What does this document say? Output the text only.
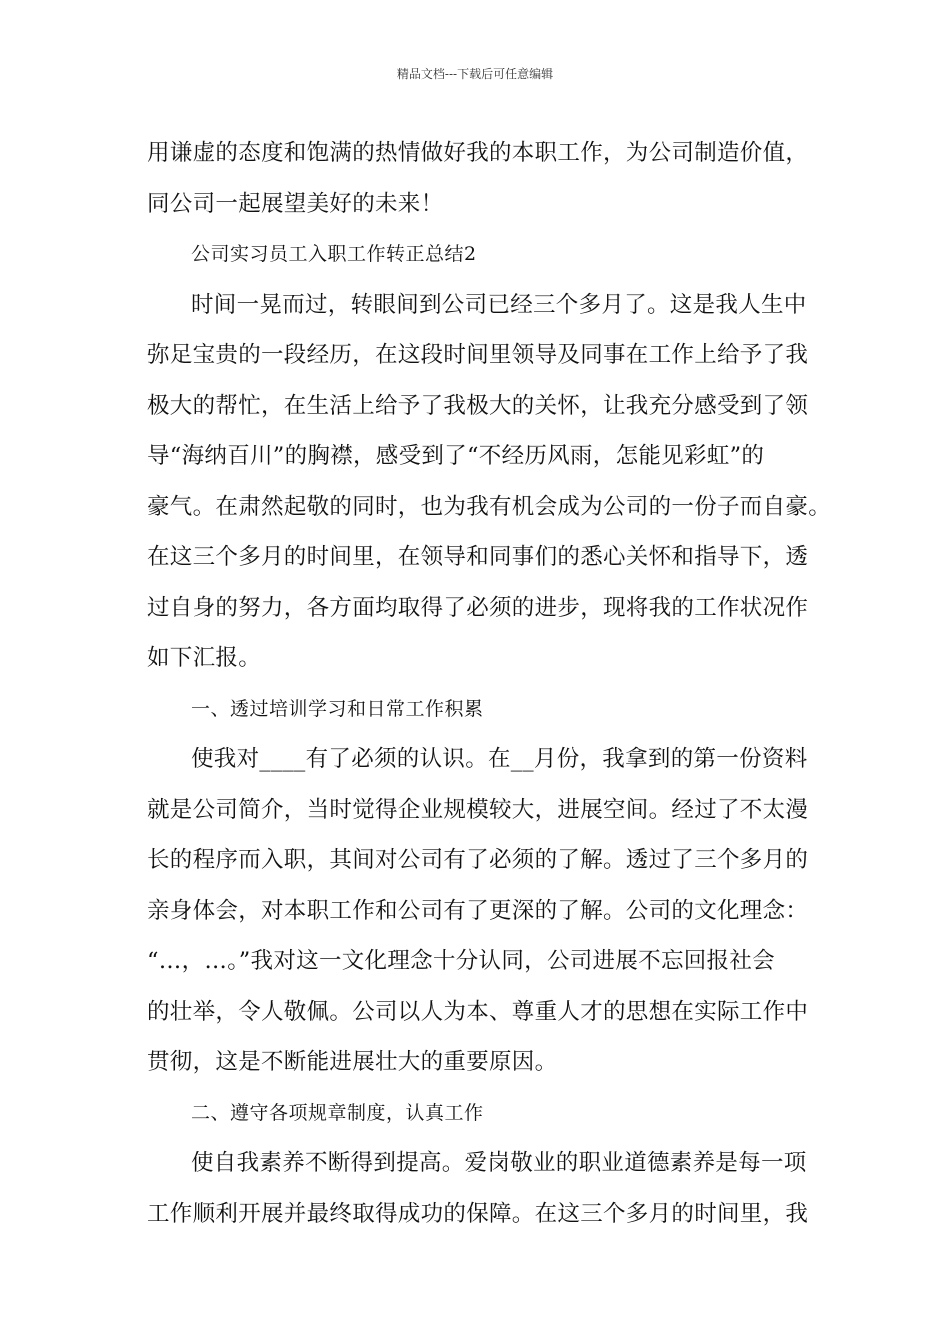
精品文档---下载后可任意编辑
用谦虚的态度和饱满的热情做好我的本职工作，为公司制造价值，
同公司一起展望美好的未来！
公司实习员工入职工作转正总结2
时间一晃而过，转眼间到公司已经三个多月了。这是我人生中
弥足宝贵的一段经历，在这段时间里领导及同事在工作上给予了我
极大的帮忙，在生活上给予了我极大的关怀，让我充分感受到了领
导“海纳百川”的胸襟，感受到了“不经历风雨，怎能见彩虹”的
豪气。在肃然起敬的同时，也为我有机会成为公司的一份子而自豪。
在这三个多月的时间里，在领导和同事们的悉心关怀和指导下，透
过自身的努力，各方面均取得了必须的进步，现将我的工作状况作
如下汇报。
一、透过培训学习和日常工作积累
使我对____有了必须的认识。在__月份，我拿到的第一份资料
就是公司简介，当时觉得企业规模较大，进展空间。经过了不太漫
长的程序而入职，其间对公司有了必须的了解。透过了三个多月的
亲身体会，对本职工作和公司有了更深的了解。公司的文化理念：
“…，…。”我对这一文化理念十分认同，公司进展不忘回报社会
的壮举，令人敬佩。公司以人为本、尊重人才的思想在实际工作中
贯彻，这是不断能进展壮大的重要原因。
二、遵守各项规章制度，认真工作
使自我素养不断得到提高。爱岗敬业的职业道德素养是每一项
工作顺利开展并最终取得成功的保障。在这三个多月的时间里，我
